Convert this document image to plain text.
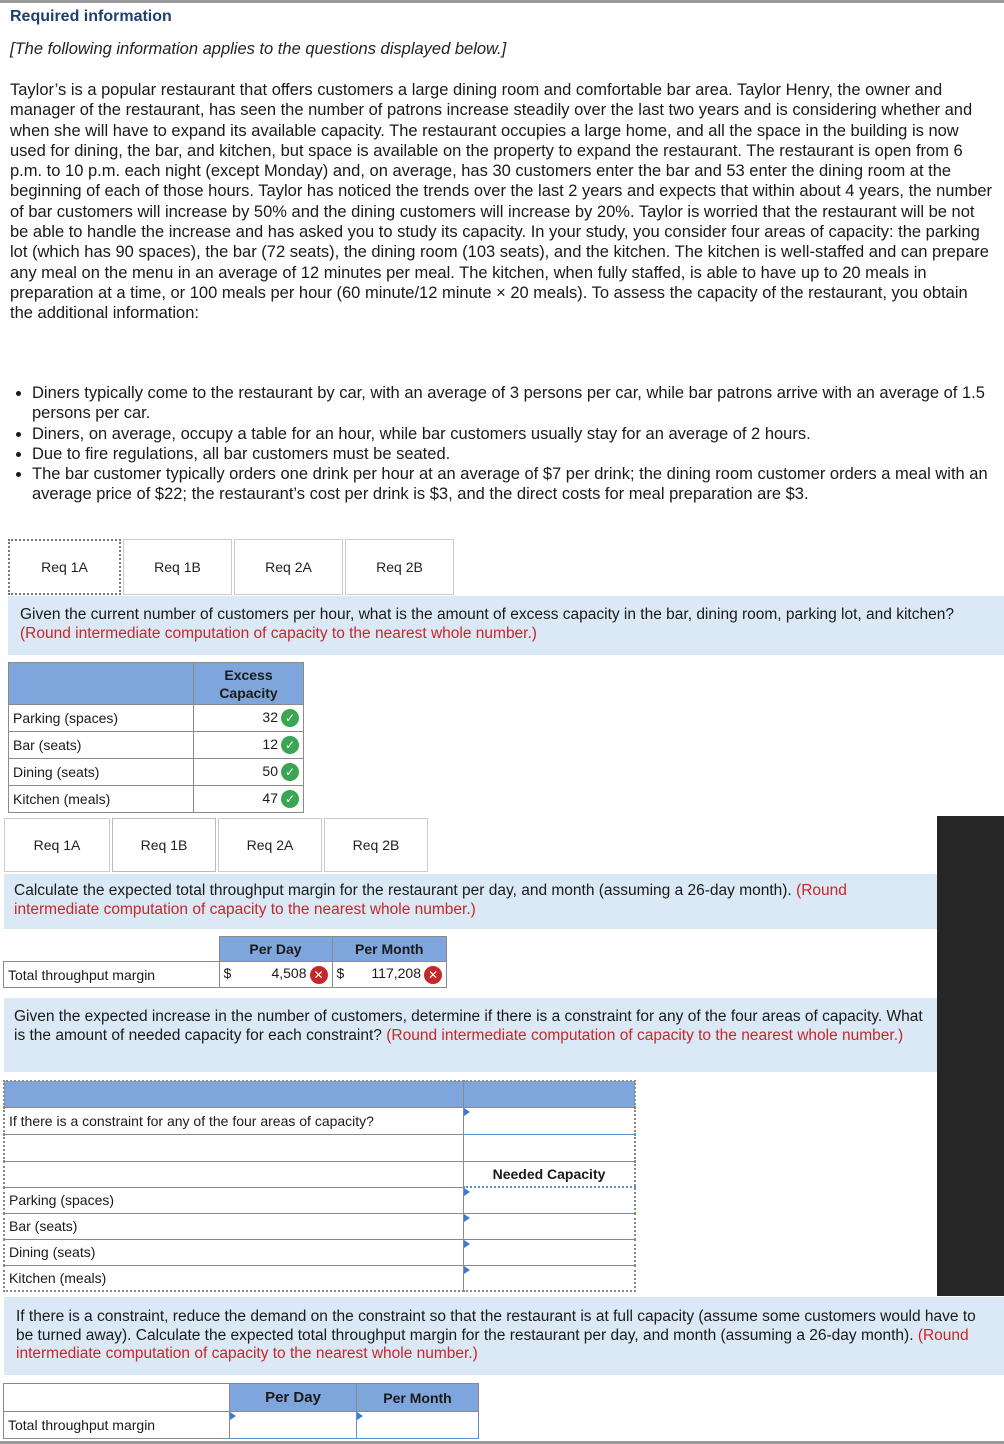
Required information
[The following information applies to the questions displayed below.]
Taylor’s is a popular restaurant that offers customers a large dining room and comfortable bar area. Taylor Henry, the owner and manager of the restaurant, has seen the number of patrons increase steadily over the last two years and is considering whether and when she will have to expand its available capacity. The restaurant occupies a large home, and all the space in the building is now used for dining, the bar, and kitchen, but space is available on the property to expand the restaurant. The restaurant is open from 6 p.m. to 10 p.m. each night (except Monday) and, on average, has 30 customers enter the bar and 53 enter the dining room at the beginning of each of those hours. Taylor has noticed the trends over the last 2 years and expects that within about 4 years, the number of bar customers will increase by 50% and the dining customers will increase by 20%. Taylor is worried that the restaurant will be not be able to handle the increase and has asked you to study its capacity. In your study, you consider four areas of capacity: the parking lot (which has 90 spaces), the bar (72 seats), the dining room (103 seats), and the kitchen. The kitchen is well-staffed and can prepare any meal on the menu in an average of 12 minutes per meal. The kitchen, when fully staffed, is able to have up to 20 meals in preparation at a time, or 100 meals per hour (60 minute/12 minute × 20 meals). To assess the capacity of the restaurant, you obtain the additional information:
• Diners typically come to the restaurant by car, with an average of 3 persons per car, while bar patrons arrive with an average of 1.5 persons per car.
• Diners, on average, occupy a table for an hour, while bar customers usually stay for an average of 2 hours.
• Due to fire regulations, all bar customers must be seated.
• The bar customer typically orders one drink per hour at an average of $7 per drink; the dining room customer orders a meal with an average price of $22; the restaurant’s cost per drink is $3, and the direct costs for meal preparation are $3.
Req 1A	Req 1B	Req 2A	Req 2B
Given the current number of customers per hour, what is the amount of excess capacity in the bar, dining room, parking lot, and kitchen? (Round intermediate computation of capacity to the nearest whole number.)

	Excess
Capacity

Parking (spaces)	32 ✓
Bar (seats)	12 ✓
Dining (seats)	50 ✓
Kitchen (meals)	47 ✓
Req 1A	Req 1B	Req 2A	Req 2B
Calculate the expected total throughput margin for the restaurant per day, and month (assuming a 26-day month). (Round intermediate computation of capacity to the nearest whole number.)
	Per Day	Per Month
Total throughput margin	$ 4,508 ✕	$ 117,208 ✕
Given the expected increase in the number of customers, determine if there is a constraint for any of the four areas of capacity. What is the amount of needed capacity for each constraint? (Round intermediate computation of capacity to the nearest whole number.)

If there is a constraint for any of the four areas of capacity?	

	Needed Capacity
Parking (spaces)	
Bar (seats)	
Dining (seats)	
Kitchen (meals)	
If there is a constraint, reduce the demand on the constraint so that the restaurant is at full capacity (assume some customers would have to be turned away). Calculate the expected total throughput margin for the restaurant per day, and month (assuming a 26-day month). (Round intermediate computation of capacity to the nearest whole number.)
	Per Day	Per Month
Total throughput margin		
